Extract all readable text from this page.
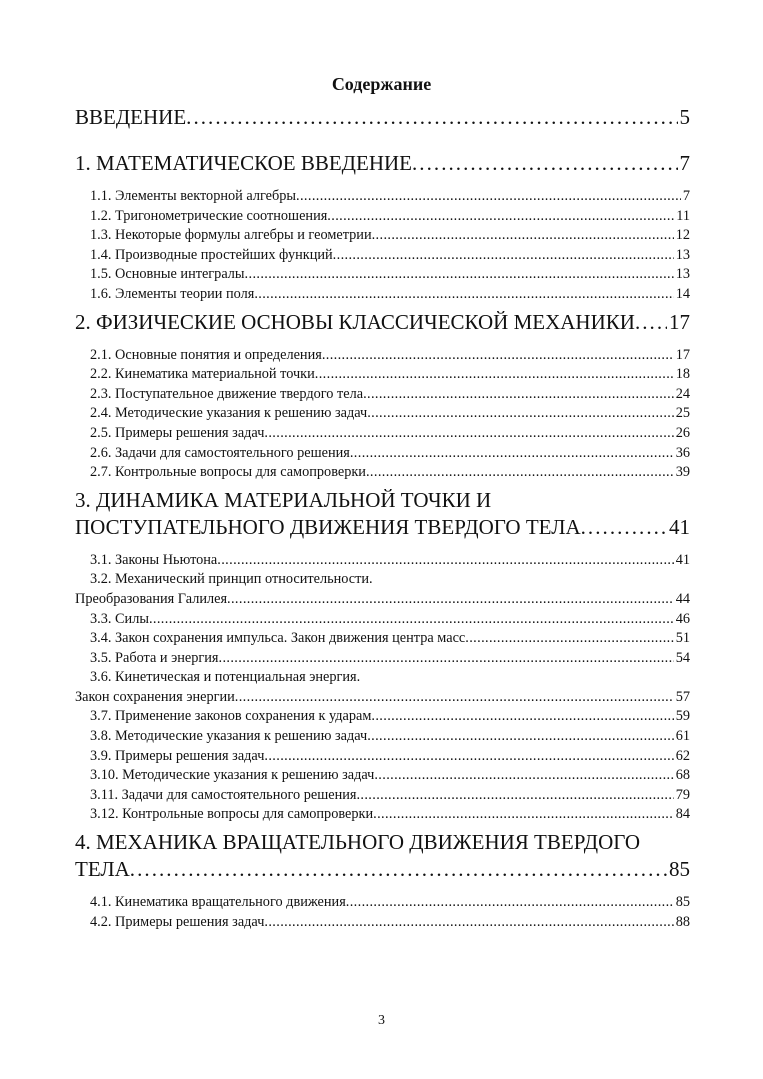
Содержание
ВВЕДЕНИЕ . . .	5
1. МАТЕМАТИЧЕСКОЕ ВВЕДЕНИЕ . . .	7
1.1. Элементы векторной алгебры . . .	7
1.2. Тригонометрические соотношения . . .	11
1.3. Некоторые формулы алгебры и геометрии . . .	12
1.4. Производные простейших функций . . .	13
1.5. Основные интегралы . . .	13
1.6. Элементы теории поля . . .	14
2. ФИЗИЧЕСКИЕ ОСНОВЫ КЛАССИЧЕСКОЙ МЕХАНИКИ . . . 17
2.1. Основные понятия и определения . . .	17
2.2. Кинематика материальной точки . . .	18
2.3. Поступательное движение твердого тела . . .	24
2.4. Методические указания к решению задач . . .	25
2.5. Примеры решения задач . . .	26
2.6. Задачи для самостоятельного решения . . .	36
2.7. Контрольные вопросы для самопроверки . . .	39
3. ДИНАМИКА МАТЕРИАЛЬНОЙ ТОЧКИ И
ПОСТУПАТЕЛЬНОГО ДВИЖЕНИЯ ТВЕРДОГО ТЕЛА . . .	41
3.1. Законы Ньютона . . .	41
3.2. Механический принцип относительности.
Преобразования Галилея . . .	44
3.3. Силы . . .	46
3.4. Закон сохранения импульса. Закон движения центра масс . . .	51
3.5. Работа и энергия . . .	54
3.6. Кинетическая и потенциальная энергия.
Закон сохранения энергии . . .	57
3.7. Применение законов сохранения к ударам . . .	59
3.8. Методические указания к решению задач . . .	61
3.9. Примеры решения задач . . .	62
3.10. Методические указания к решению задач . . .	68
3.11. Задачи для самостоятельного решения . . .	79
3.12. Контрольные вопросы для самопроверки . . .	84
4. МЕХАНИКА ВРАЩАТЕЛЬНОГО ДВИЖЕНИЯ ТВЕРДОГО
ТЕЛА . . .	85
4.1. Кинематика вращательного движения . . .	85
4.2. Примеры решения задач . . .	88
3
